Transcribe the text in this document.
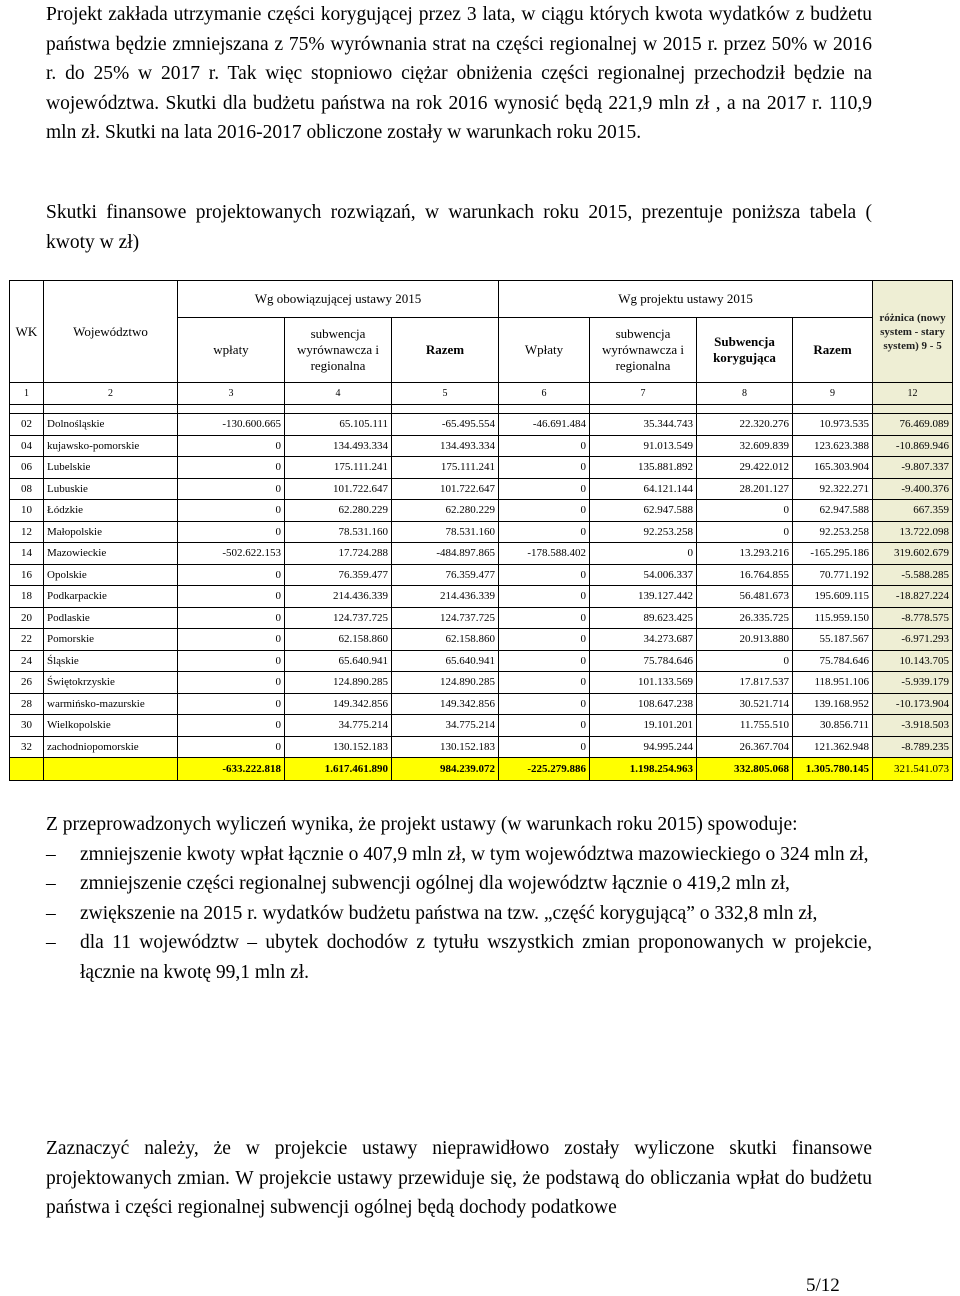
Projekt zakłada utrzymanie części korygującej przez 3 lata, w ciągu których kwota wydatków z budżetu państwa będzie zmniejszana z 75% wyrównania strat na części regionalnej w 2015 r. przez 50% w 2016 r. do 25% w 2017 r. Tak więc stopniowo ciężar obniżenia części regionalnej przechodził będzie na województwa. Skutki dla budżetu państwa na rok 2016 wynosić będą 221,9 mln zł , a na 2017 r. 110,9 mln zł. Skutki na lata 2016-2017 obliczone zostały w warunkach roku 2015.
Skutki finansowe projektowanych rozwiązań, w warunkach roku 2015, prezentuje poniższa tabela ( kwoty w zł)
WK	Województwo	Wg obowiązującej ustawy 2015			Wg projektu ustawy 2015				różnica (nowy system - stary system) 9 - 5
		wpłaty	subwencja wyrównawcza i regionalna	Razem	Wpłaty	subwencja wyrównawcza i regionalna	Subwencja korygująca	Razem	
1	2	3	4	5	6	7	8	9	12

02	Dolnośląskie	-130.600.665	65.105.111	-65.495.554	-46.691.484	35.344.743	22.320.276	10.973.535	76.469.089
04	kujawsko-pomorskie	0	134.493.334	134.493.334	0	91.013.549	32.609.839	123.623.388	-10.869.946
06	Lubelskie	0	175.111.241	175.111.241	0	135.881.892	29.422.012	165.303.904	-9.807.337
08	Lubuskie	0	101.722.647	101.722.647	0	64.121.144	28.201.127	92.322.271	-9.400.376
10	Łódzkie	0	62.280.229	62.280.229	0	62.947.588	0	62.947.588	667.359
12	Małopolskie	0	78.531.160	78.531.160	0	92.253.258	0	92.253.258	13.722.098
14	Mazowieckie	-502.622.153	17.724.288	-484.897.865	-178.588.402	0	13.293.216	-165.295.186	319.602.679
16	Opolskie	0	76.359.477	76.359.477	0	54.006.337	16.764.855	70.771.192	-5.588.285
18	Podkarpackie	0	214.436.339	214.436.339	0	139.127.442	56.481.673	195.609.115	-18.827.224
20	Podlaskie	0	124.737.725	124.737.725	0	89.623.425	26.335.725	115.959.150	-8.778.575
22	Pomorskie	0	62.158.860	62.158.860	0	34.273.687	20.913.880	55.187.567	-6.971.293
24	Śląskie	0	65.640.941	65.640.941	0	75.784.646	0	75.784.646	10.143.705
26	Świętokrzyskie	0	124.890.285	124.890.285	0	101.133.569	17.817.537	118.951.106	-5.939.179
28	warmińsko-mazurskie	0	149.342.856	149.342.856	0	108.647.238	30.521.714	139.168.952	-10.173.904
30	Wielkopolskie	0	34.775.214	34.775.214	0	19.101.201	11.755.510	30.856.711	-3.918.503
32	zachodniopomorskie	0	130.152.183	130.152.183	0	94.995.244	26.367.704	121.362.948	-8.789.235
		-633.222.818	1.617.461.890	984.239.072	-225.279.886	1.198.254.963	332.805.068	1.305.780.145	321.541.073
Z przeprowadzonych wyliczeń wynika, że projekt ustawy (w warunkach roku 2015) spowoduje:
– zmniejszenie kwoty wpłat łącznie o 407,9 mln zł, w tym województwa mazowieckiego o 324 mln zł,
– zmniejszenie części regionalnej subwencji ogólnej dla województw łącznie o 419,2 mln zł,
– zwiększenie na 2015 r. wydatków budżetu państwa na tzw. „część korygującą” o 332,8 mln zł,
– dla 11 województw – ubytek dochodów z tytułu wszystkich zmian proponowanych w projekcie, łącznie na kwotę 99,1 mln zł.
Zaznaczyć należy, że w projekcie ustawy nieprawidłowo zostały wyliczone skutki finansowe projektowanych zmian. W projekcie ustawy przewiduje się, że podstawą do obliczania wpłat do budżetu państwa i części regionalnej subwencji ogólnej będą dochody podatkowe
5/12
